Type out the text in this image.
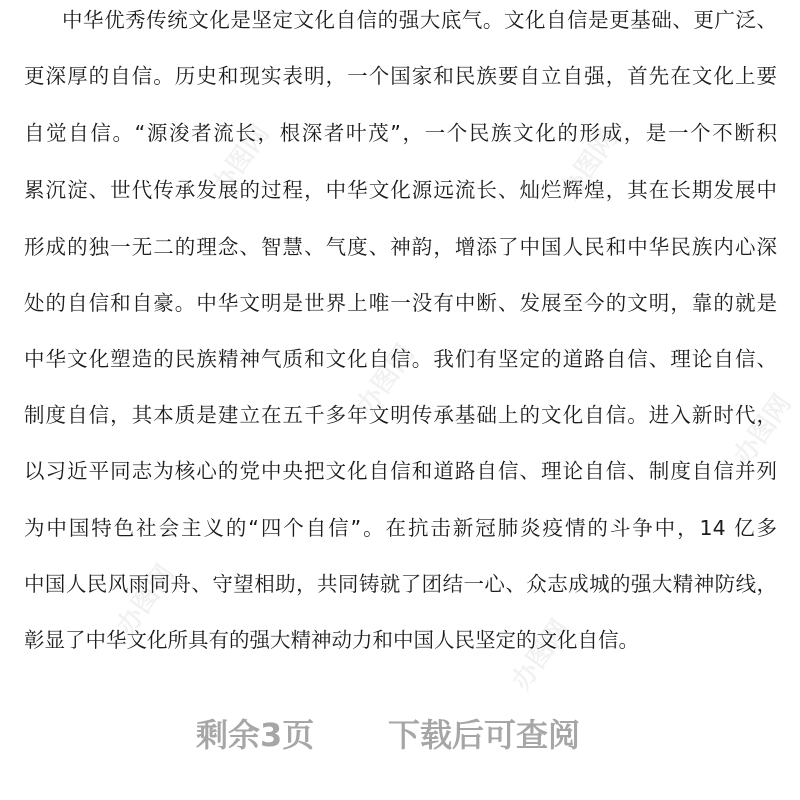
办图网	办图网
办图网
办图网
办图网
办图网
中华优秀传统文化是坚定文化自信的强大底气。文化自信是更基础、更广泛、
更深厚的自信。历史和现实表明，一个国家和民族要自立自强，首先在文化上要
自觉自信。“源浚者流长，根深者叶茂”，一个民族文化的形成，是一个不断积
累沉淀、世代传承发展的过程，中华文化源远流长、灿烂辉煌，其在长期发展中
形成的独一无二的理念、智慧、气度、神韵，增添了中国人民和中华民族内心深
处的自信和自豪。中华文明是世界上唯一没有中断、发展至今的文明，靠的就是
中华文化塑造的民族精神气质和文化自信。我们有坚定的道路自信、理论自信、
制度自信，其本质是建立在五千多年文明传承基础上的文化自信。进入新时代，
以习近平同志为核心的党中央把文化自信和道路自信、理论自信、制度自信并列
为中国特色社会主义的“四个自信”。在抗击新冠肺炎疫情的斗争中，14 亿多
中国人民风雨同舟、守望相助，共同铸就了团结一心、众志成城的强大精神防线，
彰显了中华文化所具有的强大精神动力和中国人民坚定的文化自信。
剩余3页 下载后可查阅
